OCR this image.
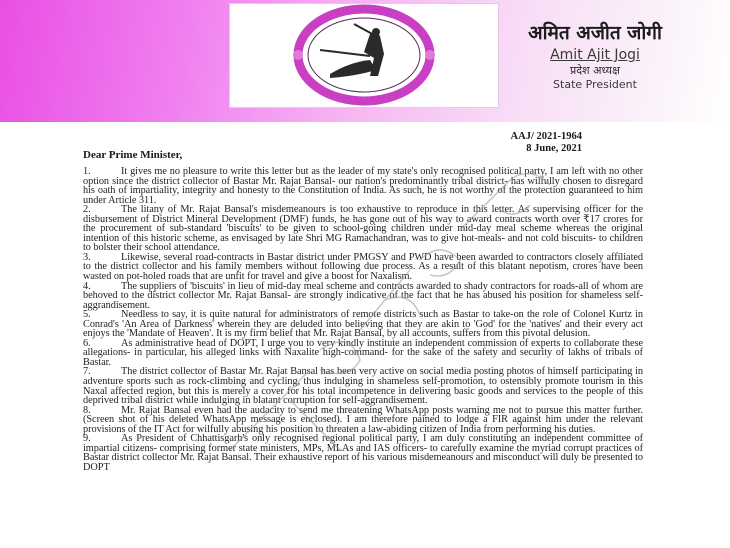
अमित अजीत जोगी
Amit Ajit Jogi
प्रदेश अध्यक्ष
State President
AAJ/ 2021-1964
8 June, 2021
Dear Prime Minister,

1.	It gives me no pleasure to write this letter but as the leader of my state's only recognised political party, I am left with no other option since the district collector of Bastar Mr. Rajat Bansal- our nation's predominantly tribal district- has wilfully chosen to disregard his oath of impartiality, integrity and honesty to the Constitution of India. As such, he is not worthy of the protection guaranteed to him under Article 311.

2.	The litany of Mr. Rajat Bansal's misdemeanours is too exhaustive to reproduce in this letter. As supervising officer for the disbursement of District Mineral Development (DMF) funds, he has gone out of his way to award contracts worth over ₹17 crores for the procurement of sub-standard 'biscuits' to be given to school-going children under mid-day meal scheme whereas the original intention of this historic scheme, as envisaged by late Shri MG Ramachandran, was to give hot-meals- and not cold biscuits- to children to bolster their school attendance.

3.	Likewise, several road-contracts in Bastar district under PMGSY and PWD have been awarded to contractors closely affiliated to the district collector and his family members without following due process. As a result of this blatant nepotism, crores have been wasted on pot-holed roads that are unfit for travel and give a boost for Naxalism.

4.	The suppliers of 'biscuits' in lieu of mid-day meal scheme and contracts awarded to shady contractors for roads-all of whom are behoved to the district collector Mr. Rajat Bansal- are strongly indicative of the fact that he has abused his position for shameless self-aggrandisement.

5.	Needless to say, it is quite natural for administrators of remote districts such as Bastar to take-on the role of Colonel Kurtz in Conrad's 'An Area of Darkness' wherein they are deluded into believing that they are akin to 'God' for the 'natives' and their every act enjoys the 'Mandate of Heaven'. It is my firm belief that Mr. Rajat Bansal, by all accounts, suffers from this pivotal delusion.

6.	As administrative head of DOPT, I urge you to very kindly institute an independent commission of experts to collaborate these allegations- in particular, his alleged links with Naxalite high-command- for the sake of the safety and security of lakhs of tribals of Bastar.

7.	The district collector of Bastar Mr. Rajat Bansal has been very active on social media posting photos of himself participating in adventure sports such as rock-climbing and cycling, thus indulging in shameless self-promotion, to ostensibly promote tourism in this Naxal affected region, but this is merely a cover for his total incompetence in delivering basic goods and services to the people of this deprived tribal district while indulging in blatant corruption for self-aggrandisement.

8.	Mr. Rajat Bansal even had the audacity to send me threatening WhatsApp posts warning me not to pursue this matter further. (Screen shot of his deleted WhatsApp message is enclosed). I am therefore pained to lodge a FIR against him under the relevant provisions of the IT Act for wilfully abusing his position to threaten a law-abiding citizen of India from performing his duties.

9.	As President of Chhattisgarh's only recognised regional political party, I am duly constituting an independent committee of impartial citizens- comprising former state ministers, MPs, MLAs and IAS officers- to carefully examine the myriad corrupt practices of Bastar district collector Mr. Rajat Bansal. Their exhaustive report of his various misdemeanours and misconduct will duly be presented to DOPT
